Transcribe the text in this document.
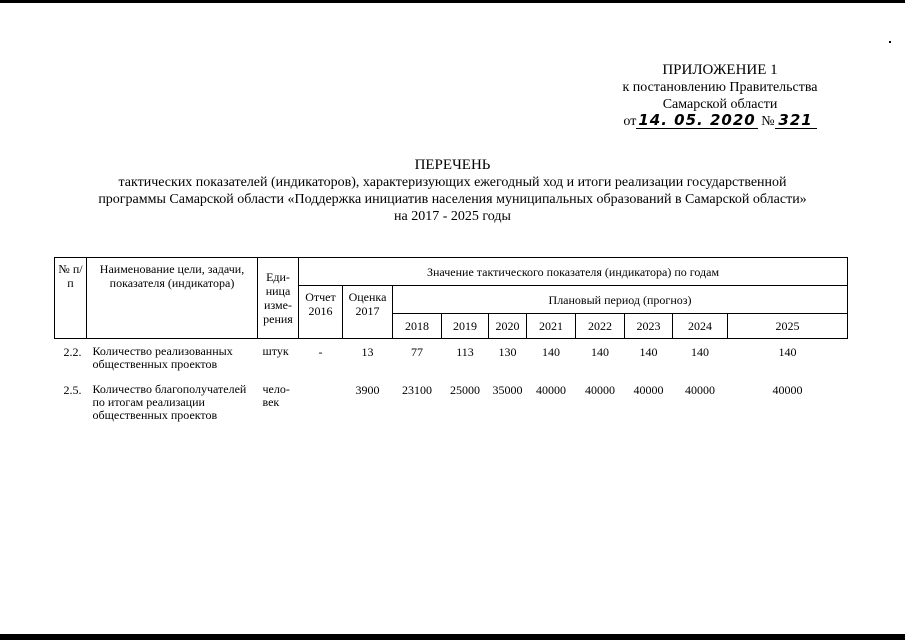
ПРИЛОЖЕНИЕ 1
к постановлению Правительства
Самарской области
от 14. 05. 2020 № 321
ПЕРЕЧЕНЬ
тактических показателей (индикаторов), характеризующих ежегодный ход и итоги реализации государственной
программы Самарской области «Поддержка инициатив населения муниципальных образований в Самарской области»
на 2017 - 2025 годы
№ п/п	Наименование цели, задачи, показателя (индикатора)	Еди-ница изме-рения	Значение тактического показателя (индикатора) по годам									
			Отчет 2016	Оценка 2017	Плановый период (прогноз)							
					2018	2019	2020	2021	2022	2023	2024	2025

2.2.	Количество реализованных общественных проектов	штук	-	13	77	113	130	140	140	140	140	140
2.5.	Количество благополучателей по итогам реализации общественных проектов	чело-век		3900	23100	25000	35000	40000	40000	40000	40000	40000
